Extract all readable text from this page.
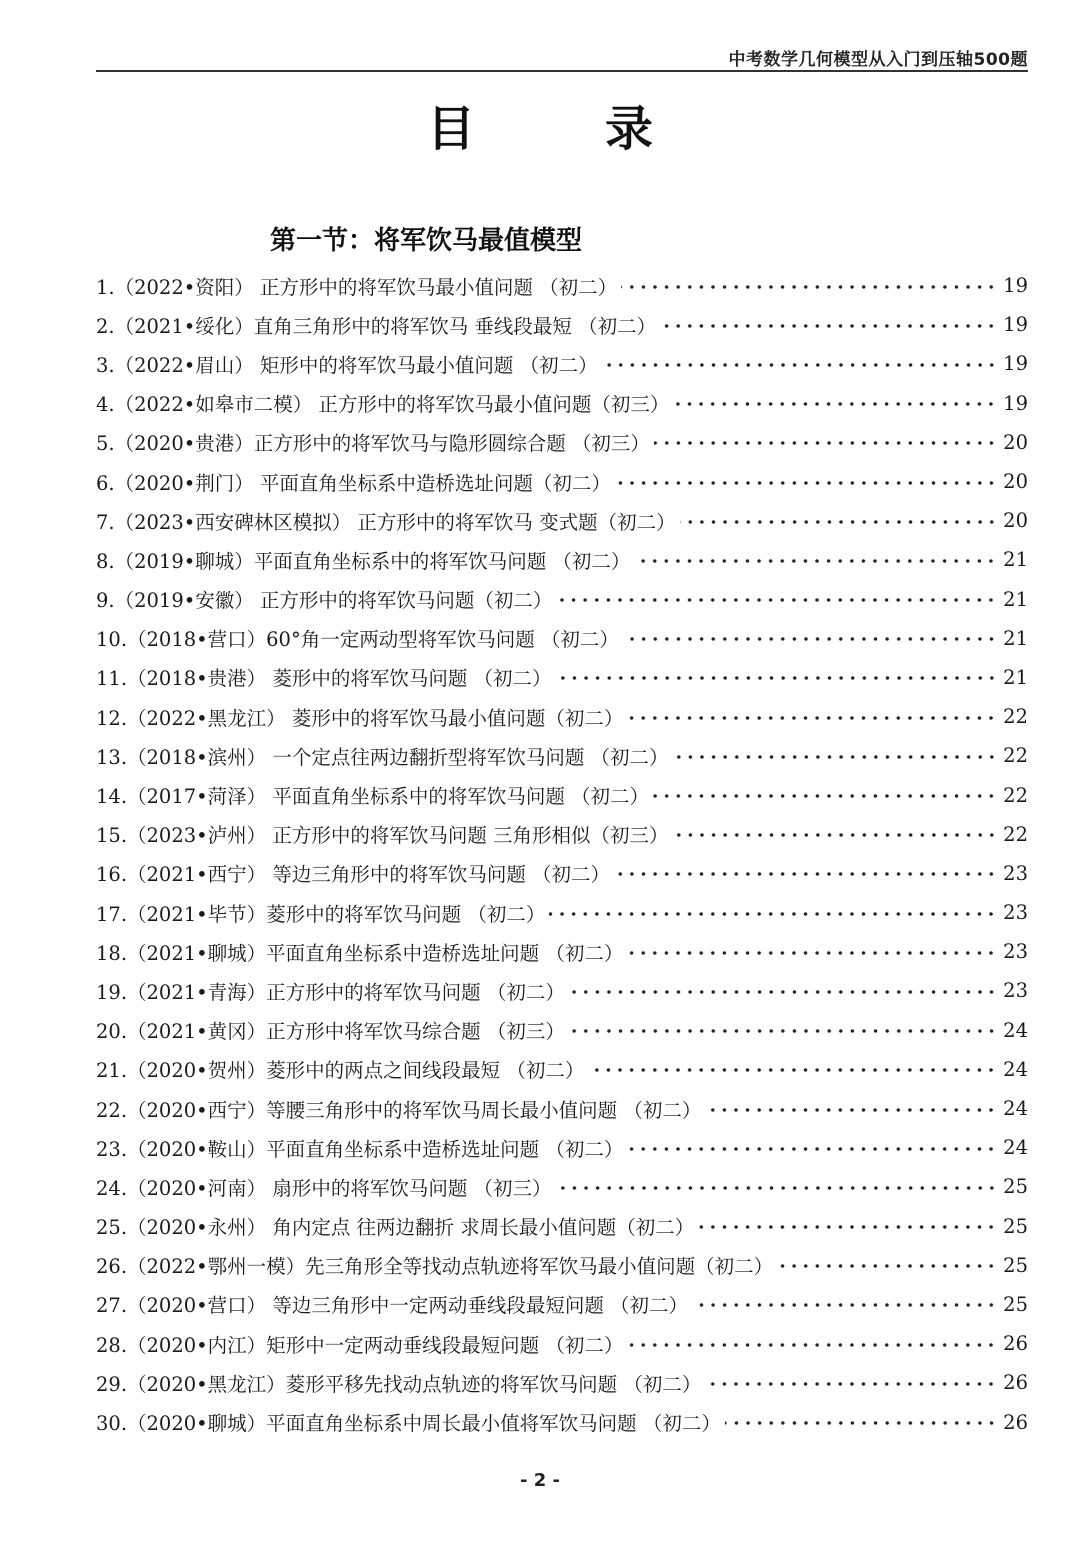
中考数学几何模型从入门到压轴500题
目录
第一节：将军饮马最值模型
1.（2022•资阳） 正方形中的将军饮马最小值问题 （初二）	19
2.（2021•绥化）直角三角形中的将军饮马 垂线段最短 （初二）	19
3.（2022•眉山） 矩形中的将军饮马最小值问题 （初二）	19
4.（2022•如皋市二模） 正方形中的将军饮马最小值问题（初三）	19
5.（2020•贵港）正方形中的将军饮马与隐形圆综合题 （初三）	20
6.（2020•荆门） 平面直角坐标系中造桥选址问题（初二）	20
7.（2023•西安碑林区模拟） 正方形中的将军饮马 变式题（初二）	20
8.（2019•聊城）平面直角坐标系中的将军饮马问题 （初二）	21
9.（2019•安徽） 正方形中的将军饮马问题（初二）	21
10.（2018•营口）60°角一定两动型将军饮马问题 （初二）	21
11.（2018•贵港） 菱形中的将军饮马问题 （初二）	21
12.（2022•黑龙江） 菱形中的将军饮马最小值问题（初二）	22
13.（2018•滨州） 一个定点往两边翻折型将军饮马问题 （初二）	22
14.（2017•菏泽） 平面直角坐标系中的将军饮马问题 （初二）	22
15.（2023•泸州） 正方形中的将军饮马问题 三角形相似（初三）	22
16.（2021•西宁） 等边三角形中的将军饮马问题 （初二）	23
17.（2021•毕节）菱形中的将军饮马问题 （初二）	23
18.（2021•聊城）平面直角坐标系中造桥选址问题 （初二）	23
19.（2021•青海）正方形中的将军饮马问题 （初二）	23
20.（2021•黄冈）正方形中将军饮马综合题 （初三）	24
21.（2020•贺州）菱形中的两点之间线段最短 （初二）	24
22.（2020•西宁）等腰三角形中的将军饮马周长最小值问题 （初二）	24
23.（2020•鞍山）平面直角坐标系中造桥选址问题 （初二）	24
24.（2020•河南） 扇形中的将军饮马问题 （初三）	25
25.（2020•永州） 角内定点 往两边翻折 求周长最小值问题（初二）	25
26.（2022•鄂州一模）先三角形全等找动点轨迹将军饮马最小值问题（初二）	25
27.（2020•营口） 等边三角形中一定两动垂线段最短问题 （初二）	25
28.（2020•内江）矩形中一定两动垂线段最短问题 （初二）	26
29.（2020•黑龙江）菱形平移先找动点轨迹的将军饮马问题 （初二）	26
30.（2020•聊城）平面直角坐标系中周长最小值将军饮马问题 （初二）	26
- 2 -
